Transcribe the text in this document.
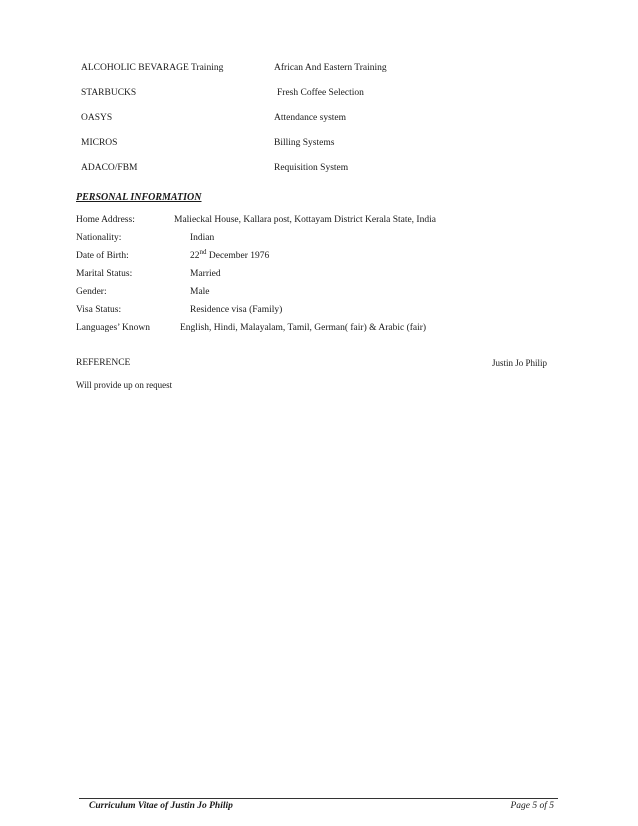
ALCOHOLIC BEVARAGE Training	African And Eastern Training
STARBUCKS	Fresh Coffee Selection
OASYS	Attendance system
MICROS	Billing Systems
ADACO/FBM	Requisition System
PERSONAL INFORMATION
Home Address:	Malieckal House, Kallara post, Kottayam District Kerala State, India
Nationality:	Indian
Date of Birth:	22nd December 1976
Marital Status:	Married
Gender:	Male
Visa Status:	Residence visa (Family)
Languages’ Known	English, Hindi, Malayalam, Tamil, German( fair) & Arabic (fair)
REFERENCE	Justin Jo Philip
Will provide up on request
Curriculum Vitae of Justin Jo Philip	Page 5 of 5
